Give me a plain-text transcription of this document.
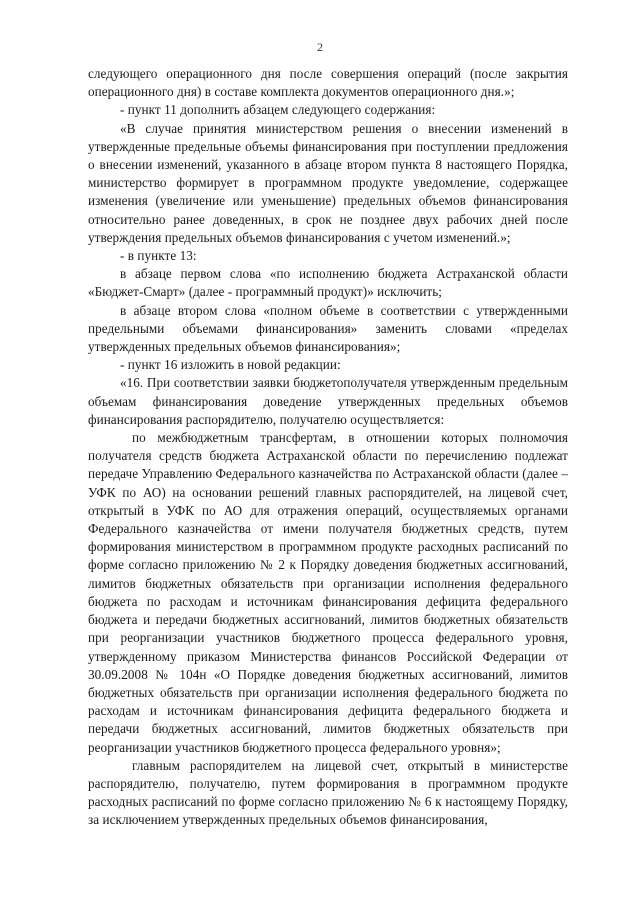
2

следующего операционного дня после совершения операций (после закрытия операционного дня) в составе комплекта документов операционного дня.»;

- пункт 11 дополнить абзацем следующего содержания:

«В случае принятия министерством решения о внесении изменений в утвержденные предельные объемы финансирования при поступлении предложения о внесении изменений, указанного в абзаце втором пункта 8 настоящего Порядка, министерство формирует в программном продукте уведомление, содержащее изменения (увеличение или уменьшение) предельных объемов финансирования относительно ранее доведенных, в срок не позднее двух рабочих дней после утверждения предельных объемов финансирования с учетом изменений.»;

- в пункте 13:

в абзаце первом слова «по исполнению бюджета Астраханской области «Бюджет-Смарт» (далее - программный продукт)» исключить;

в абзаце втором слова «полном объеме в соответствии с утвержденными предельными объемами финансирования» заменить словами «пределах утвержденных предельных объемов финансирования»;

- пункт 16 изложить в новой редакции:

«16. При соответствии заявки бюджетополучателя утвержденным предельным объемам финансирования доведение утвержденных предельных объемов финансирования распорядителю, получателю осуществляется:

по межбюджетным трансфертам, в отношении которых полномочия получателя средств бюджета Астраханской области по перечислению подлежат передаче Управлению Федерального казначейства по Астраханской области (далее – УФК по АО) на основании решений главных распорядителей, на лицевой счет, открытый в УФК по АО для отражения операций, осуществляемых органами Федерального казначейства от имени получателя бюджетных средств, путем формирования министерством в программном продукте расходных расписаний по форме согласно приложению № 2 к Порядку доведения бюджетных ассигнований, лимитов бюджетных обязательств при организации исполнения федерального бюджета по расходам и источникам финансирования дефицита федерального бюджета и передачи бюджетных ассигнований, лимитов бюджетных обязательств при реорганизации участников бюджетного процесса федерального уровня, утвержденному приказом Министерства финансов Российской Федерации от 30.09.2008 № 104н «О Порядке доведения бюджетных ассигнований, лимитов бюджетных обязательств при организации исполнения федерального бюджета по расходам и источникам финансирования дефицита федерального бюджета и передачи бюджетных ассигнований, лимитов бюджетных обязательств при реорганизации участников бюджетного процесса федерального уровня»;

главным распорядителем на лицевой счет, открытый в министерстве распорядителю, получателю, путем формирования в программном продукте расходных расписаний по форме согласно приложению № 6 к настоящему Порядку, за исключением утвержденных предельных объемов финансирования,
